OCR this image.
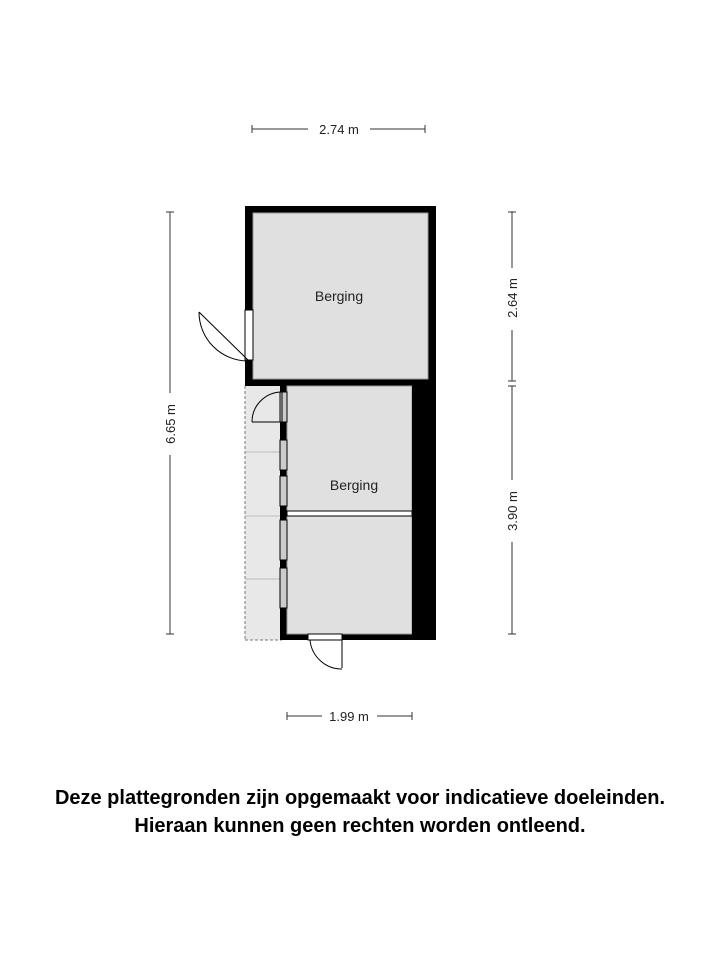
2.74 m
6.65 m
2.64 m
3.90 m
1.99 m
Berging
Berging
Deze plattegronden zijn opgemaakt voor indicatieve doeleinden.
Hieraan kunnen geen rechten worden ontleend.
